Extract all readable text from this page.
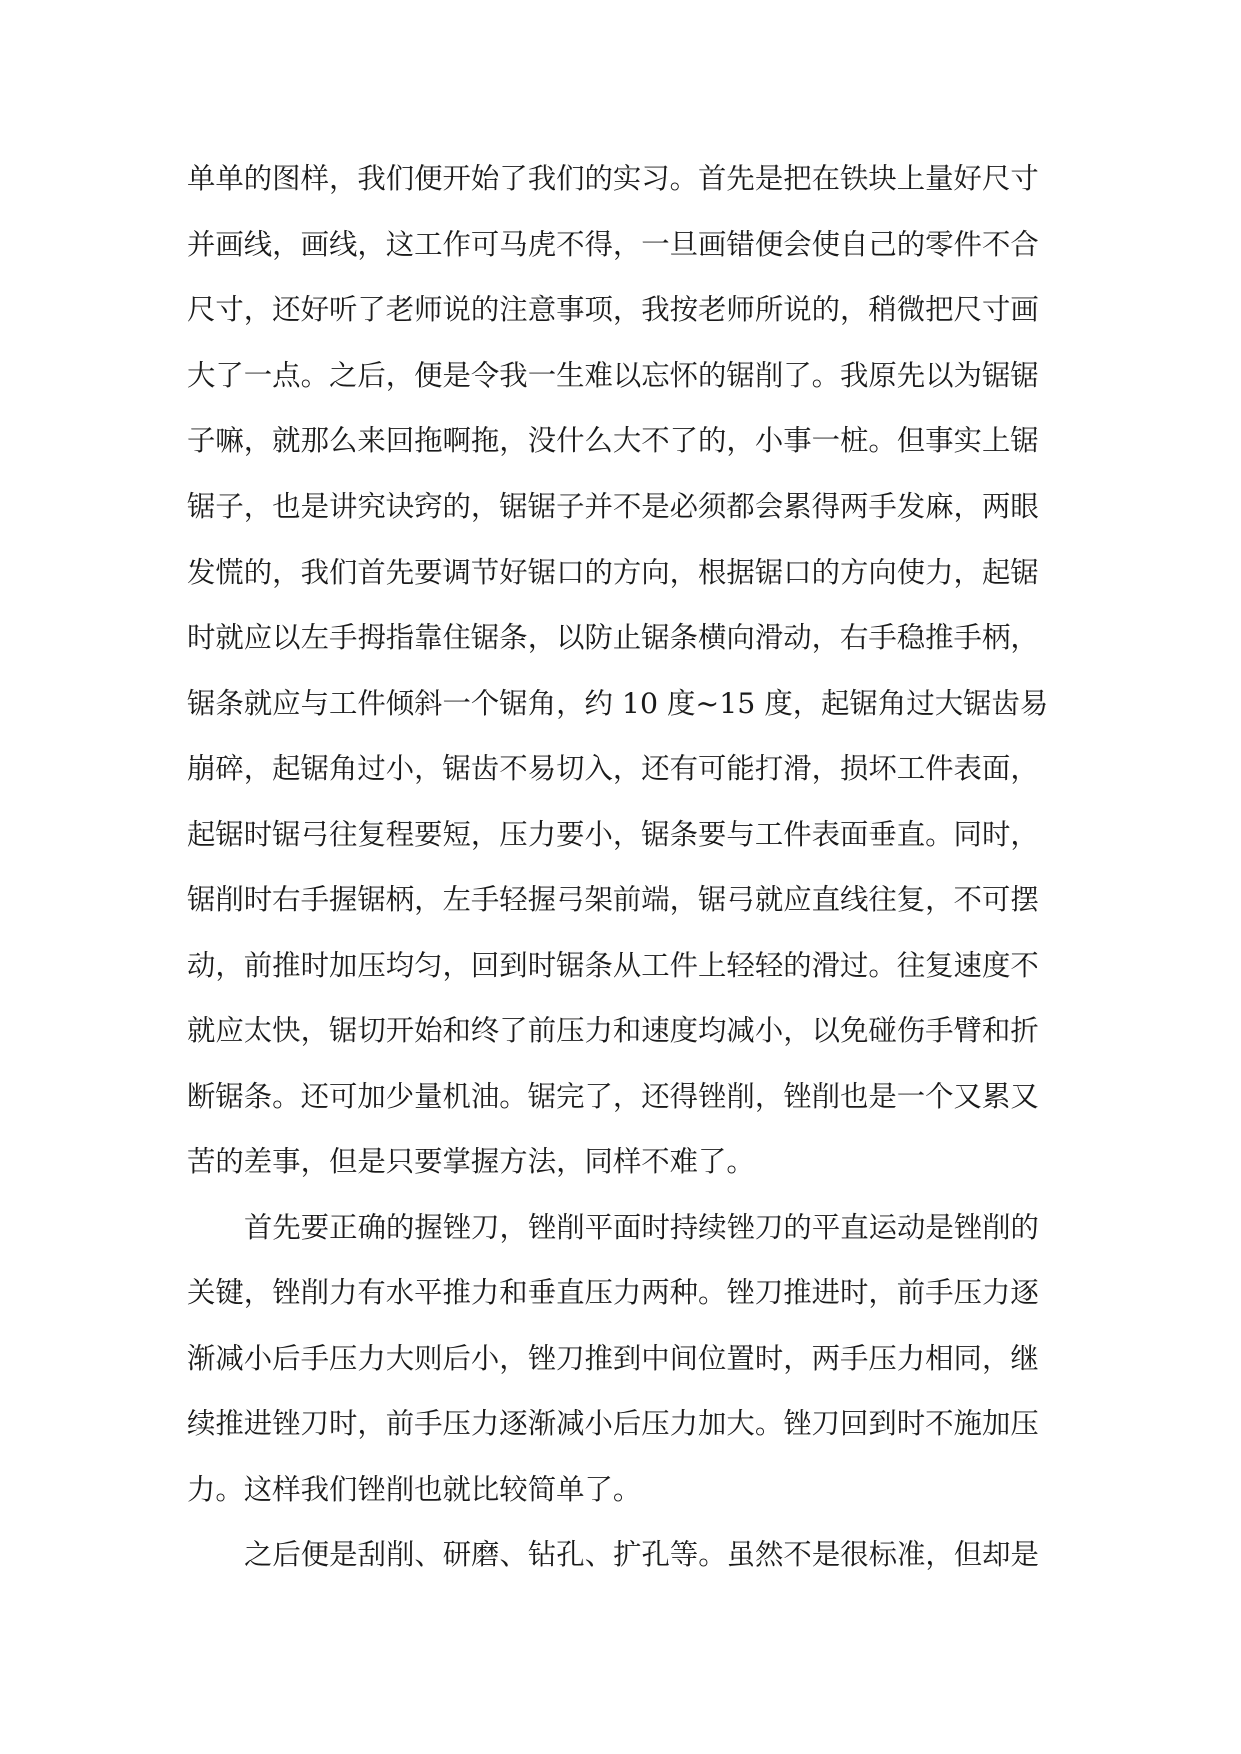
单单的图样，我们便开始了我们的实习。首先是把在铁块上量好尺寸
并画线，画线，这工作可马虎不得，一旦画错便会使自己的零件不合
尺寸，还好听了老师说的注意事项，我按老师所说的，稍微把尺寸画
大了一点。之后，便是令我一生难以忘怀的锯削了。我原先以为锯锯
子嘛，就那么来回拖啊拖，没什么大不了的，小事一桩。但事实上锯
锯子，也是讲究诀窍的，锯锯子并不是必须都会累得两手发麻，两眼
发慌的，我们首先要调节好锯口的方向，根据锯口的方向使力，起锯
时就应以左手拇指靠住锯条，以防止锯条横向滑动，右手稳推手柄，
锯条就应与工件倾斜一个锯角，约 10 度~15 度，起锯角过大锯齿易
崩碎，起锯角过小，锯齿不易切入，还有可能打滑，损坏工件表面，
起锯时锯弓往复程要短，压力要小，锯条要与工件表面垂直。同时，
锯削时右手握锯柄，左手轻握弓架前端，锯弓就应直线往复，不可摆
动，前推时加压均匀，回到时锯条从工件上轻轻的滑过。往复速度不
就应太快，锯切开始和终了前压力和速度均减小，以免碰伤手臂和折
断锯条。还可加少量机油。锯完了，还得锉削，锉削也是一个又累又
苦的差事，但是只要掌握方法，同样不难了。
首先要正确的握锉刀，锉削平面时持续锉刀的平直运动是锉削的
关键，锉削力有水平推力和垂直压力两种。锉刀推进时，前手压力逐
渐减小后手压力大则后小，锉刀推到中间位置时，两手压力相同，继
续推进锉刀时，前手压力逐渐减小后压力加大。锉刀回到时不施加压
力。这样我们锉削也就比较简单了。
之后便是刮削、研磨、钻孔、扩孔等。虽然不是很标准，但却是
